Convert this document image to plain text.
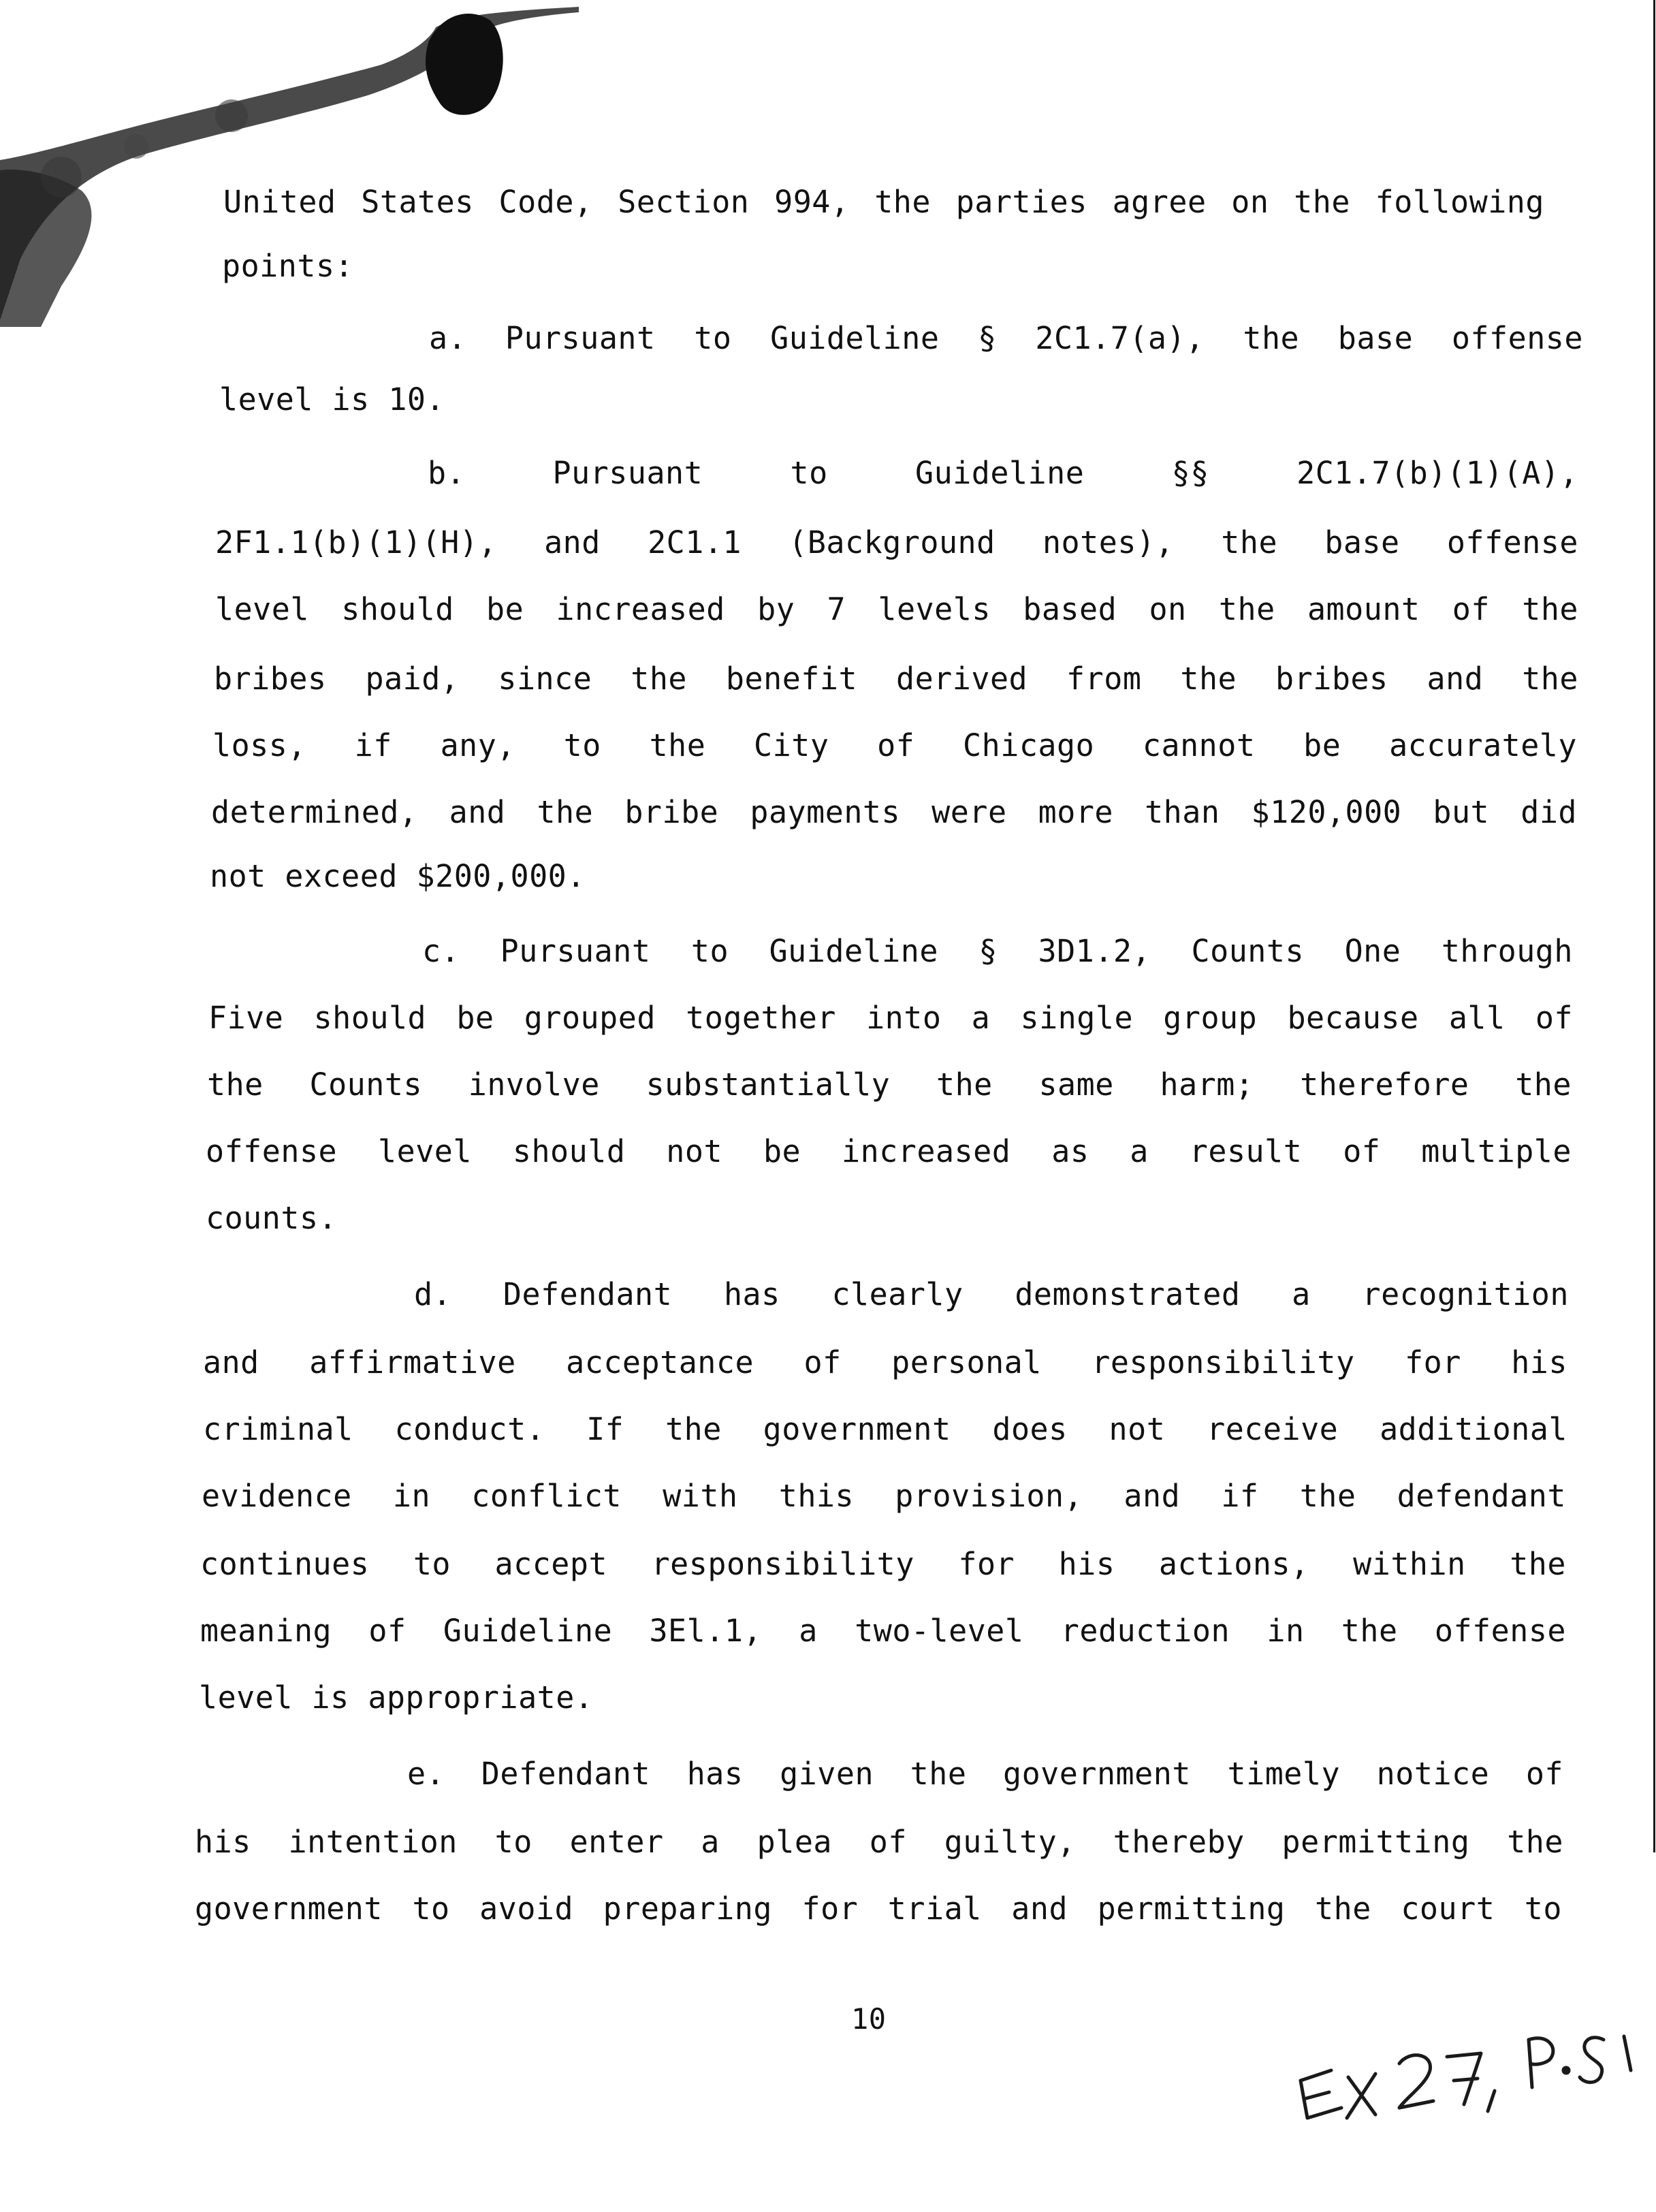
United States Code, Section 994, the parties agree on the following
points:
a. Pursuant to Guideline § 2C1.7(a), the base offense
level is 10.
b. Pursuant to Guideline §§ 2C1.7(b)(1)(A),
2F1.1(b)(1)(H), and 2C1.1 (Background notes), the base offense
level should be increased by 7 levels based on the amount of the
bribes paid, since the benefit derived from the bribes and the
loss, if any, to the City of Chicago cannot be accurately
determined, and the bribe payments were more than $120,000 but did
not exceed $200,000.
c. Pursuant to Guideline § 3D1.2, Counts One through
Five should be grouped together into a single group because all of
the Counts involve substantially the same harm; therefore the
offense level should not be increased as a result of multiple
counts.
d. Defendant has clearly demonstrated a recognition
and affirmative acceptance of personal responsibility for his
criminal conduct. If the government does not receive additional
evidence in conflict with this provision, and if the defendant
continues to accept responsibility for his actions, within the
meaning of Guideline 3El.1, a two-level reduction in the offense
level is appropriate.
e. Defendant has given the government timely notice of
his intention to enter a plea of guilty, thereby permitting the
government to avoid preparing for trial and permitting the court to
10
